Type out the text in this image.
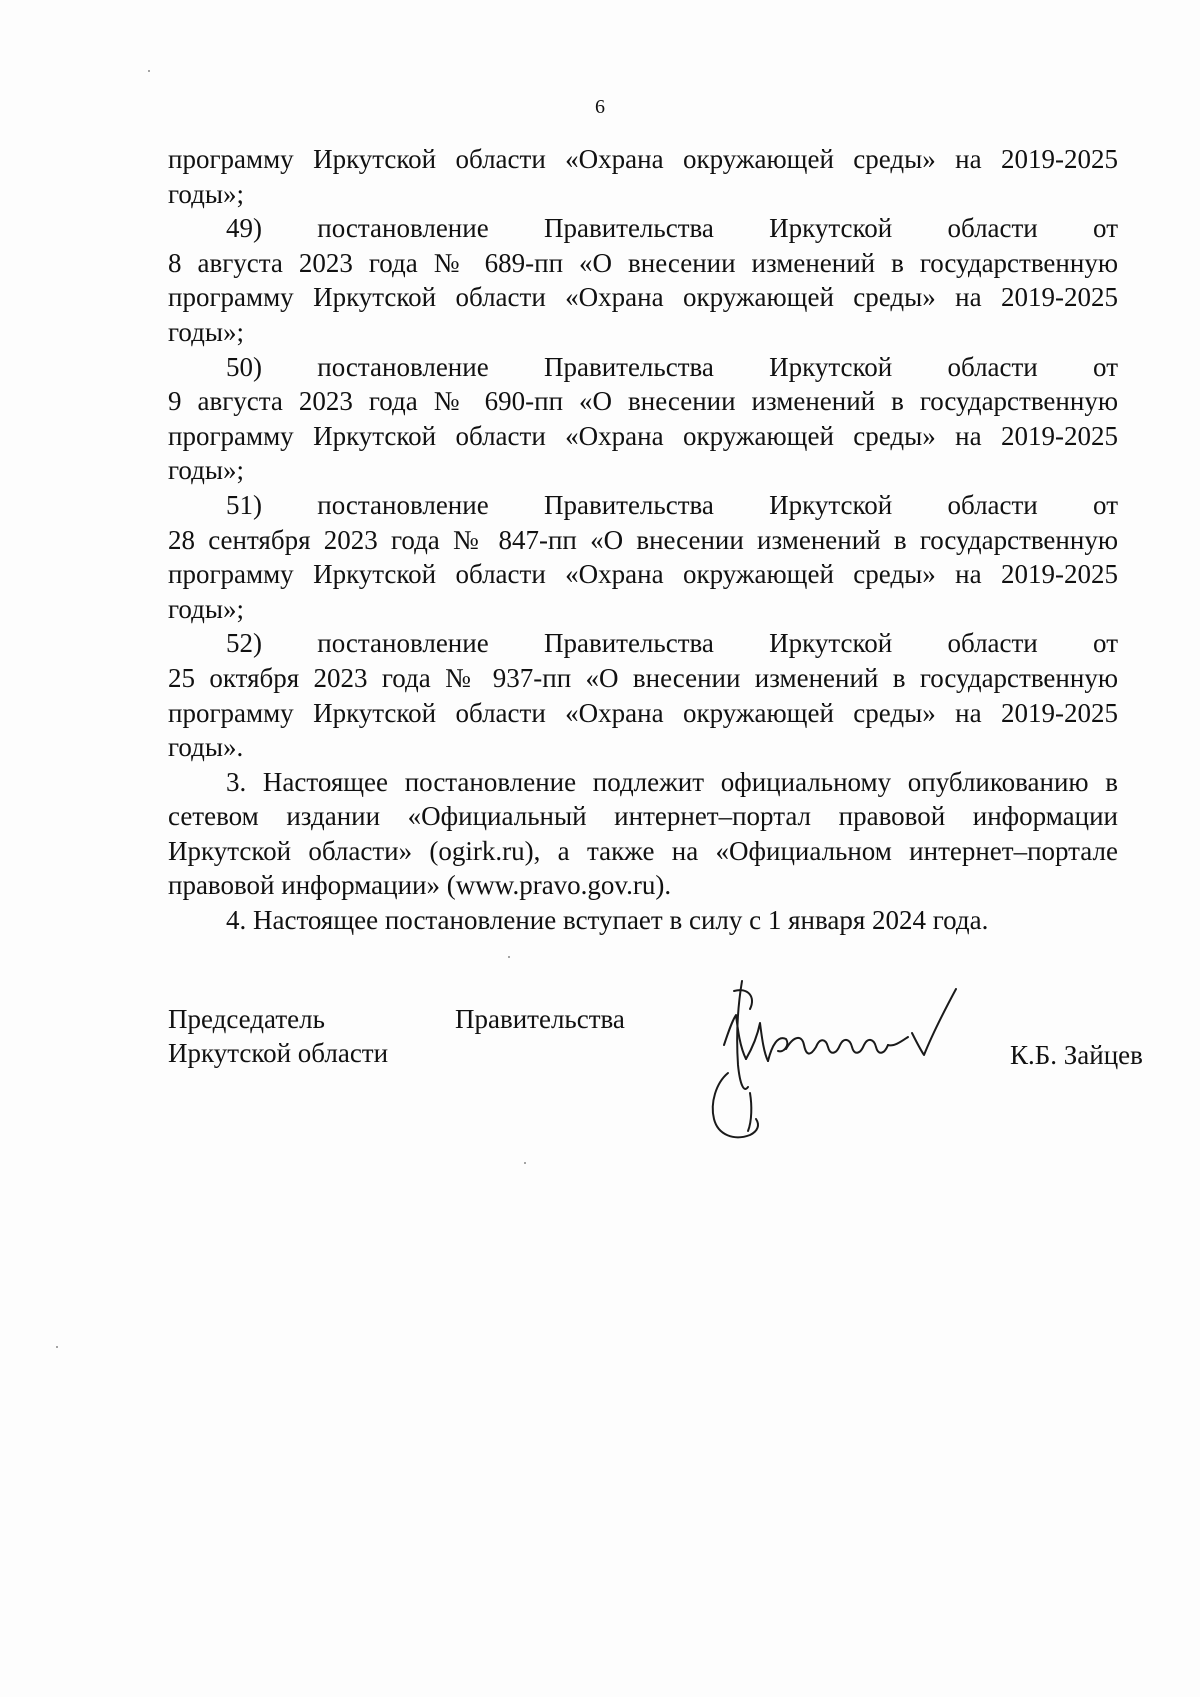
6
программу Иркутской области «Охрана окружающей среды» на 2019-2025
годы»;
49) постановление Правительства Иркутской области от
8 августа 2023 года № 689-пп «О внесении изменений в государственную
программу Иркутской области «Охрана окружающей среды» на 2019-2025
годы»;
50) постановление Правительства Иркутской области от
9 августа 2023 года № 690-пп «О внесении изменений в государственную
программу Иркутской области «Охрана окружающей среды» на 2019-2025
годы»;
51) постановление Правительства Иркутской области от
28 сентября 2023 года № 847-пп «О внесении изменений в государственную
программу Иркутской области «Охрана окружающей среды» на 2019-2025
годы»;
52) постановление Правительства Иркутской области от
25 октября 2023 года № 937-пп «О внесении изменений в государственную
программу Иркутской области «Охрана окружающей среды» на 2019-2025
годы».
3. Настоящее постановление подлежит официальному опубликованию в
сетевом издании «Официальный интернет–портал правовой информации
Иркутской области» (ogirk.ru), а также на «Официальном интернет–портале
правовой информации» (www.pravo.gov.ru).
4. Настоящее постановление вступает в силу с 1 января 2024 года.
Председатель	Правительства
Иркутской области	К.Б. Зайцев
